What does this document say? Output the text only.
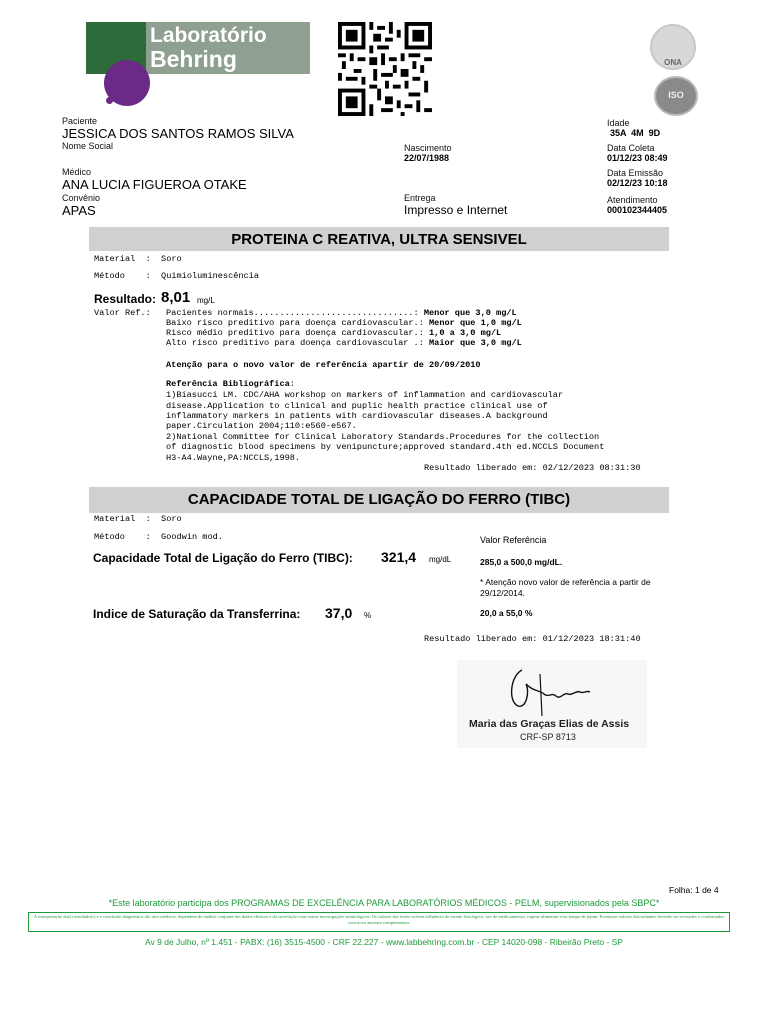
Laboratório
Behring	ONA
ISO
Paciente
JESSICA DOS SANTOS RAMOS SILVA
Nome Social
Médico
ANA LUCIA FIGUEROA OTAKE
Convênio
APAS
Nascimento
22/07/1988
Entrega
Impresso e Internet
Idade
35A  4M  9D
Data Coleta
01/12/23 08:49
Data Emissão
02/12/23 10:18
Atendimento
000102344405
PROTEINA C REATIVA, ULTRA SENSIVEL
Material  :  Soro
Método    :  Quimioluminescência
Resultado: 8,01 mg/L
Valor Ref.: Pacientes normais...............................: Menor que 3,0 mg/L
Baixo risco preditivo para doença cardiovascular.: Menor que 1,0 mg/L
Risco médio preditivo para doença cardiovascular.: 1,0 a 3,0 mg/L
Alto risco preditivo para doença cardiovascular .: Maior que 3,0 mg/L
Atenção para o novo valor de referência apartir de 20/09/2010
Referência Bibliográfica:
1)Biasucci LM. CDC/AHA workshop on markers of inflammation and cardiovascular
disease.Application to clinical and puplic health practice clinical use of
inflammatory markers in patients with cardiovascular diseases.A background
paper.Circulation 2004;110:e560-e567.
2)National Committee for Clinical Laboratory Standards.Procedures for the collection
of diagnostic blood specimens by venipuncture;approved standard.4th ed.NCCLS Document
H3-A4.Wayne,PA:NCCLS,1998.
Resultado liberado em: 02/12/2023 08:31:30
CAPACIDADE TOTAL DE LIGAÇÃO DO FERRO (TIBC)
Material  :  Soro
Método    :  Goodwin mod.	Valor Referência
Capacidade Total de Ligação do Ferro (TIBC): 321,4 mg/dL	285,0 a 500,0 mg/dL.
* Atenção novo valor de referência a partir de 29/12/2014.
Indice de Saturação da Transferrina: 37,0 %	20,0 a 55,0 %
Resultado liberado em: 01/12/2023 18:31:40
Maria das Graças Elias de Assis
CRF-SP 8713
Folha: 1 de 4
*Este laboratório participa dos PROGRAMAS DE EXCELÊNCIA PARA LABORATÓRIOS MÉDICOS - PELM, supervisionados pela SBPC*
A interpretação do(s) resultado(s) e a conclusão diagnóstica são atos médicos, dependem de análise conjunta dos dados clínicos e da correlação com outras investigações semiológicas. Os valores dos testes sofrem influência do estado fisiológico, uso de medicamentos, regime alimentar e/ou tempo de jejum. Eventuais valores discordantes deverão ser revisados e confirmados com nova amostra complementar.
Av 9 de Julho, nº 1.451 - PABX: (16) 3515-4500 - CRF 22.227 - www.labbehring.com.br - CEP 14020-098 - Ribeirão Preto - SP
